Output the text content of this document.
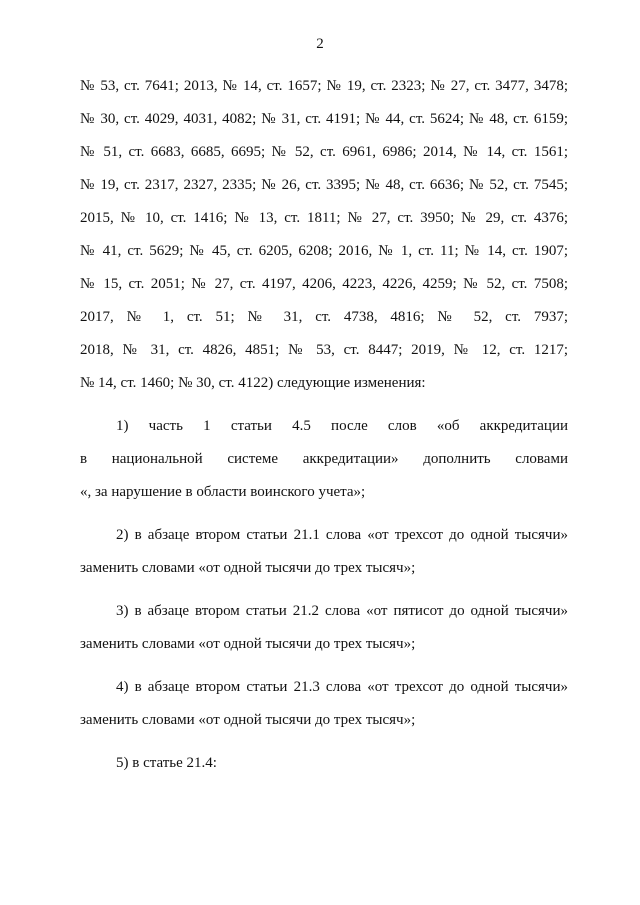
2
№ 53, ст. 7641; 2013, № 14, ст. 1657; № 19, ст. 2323; № 27, ст. 3477, 3478;
№ 30, ст. 4029, 4031, 4082; № 31, ст. 4191; № 44, ст. 5624; № 48, ст. 6159;
№ 51, ст. 6683, 6685, 6695; № 52, ст. 6961, 6986; 2014, № 14, ст. 1561;
№ 19, ст. 2317, 2327, 2335; № 26, ст. 3395; № 48, ст. 6636; № 52, ст. 7545;
2015, № 10, ст. 1416; № 13, ст. 1811; № 27, ст. 3950; № 29, ст. 4376;
№ 41, ст. 5629; № 45, ст. 6205, 6208; 2016, № 1, ст. 11; № 14, ст. 1907;
№ 15, ст. 2051; № 27, ст. 4197, 4206, 4223, 4226, 4259; № 52, ст. 7508;
2017, № 1, ст. 51; № 31, ст. 4738, 4816; № 52, ст. 7937;
2018, № 31, ст. 4826, 4851; № 53, ст. 8447; 2019, № 12, ст. 1217;
№ 14, ст. 1460; № 30, ст. 4122) следующие изменения:
1) часть 1 статьи 4.5 после слов «об аккредитации
в национальной системе аккредитации» дополнить словами
«, за нарушение в области воинского учета»;
2) в абзаце втором статьи 21.1 слова «от трехсот до одной тысячи»
заменить словами «от одной тысячи до трех тысяч»;
3) в абзаце втором статьи 21.2 слова «от пятисот до одной тысячи»
заменить словами «от одной тысячи до трех тысяч»;
4) в абзаце втором статьи 21.3 слова «от трехсот до одной тысячи»
заменить словами «от одной тысячи до трех тысяч»;
5) в статье 21.4:
